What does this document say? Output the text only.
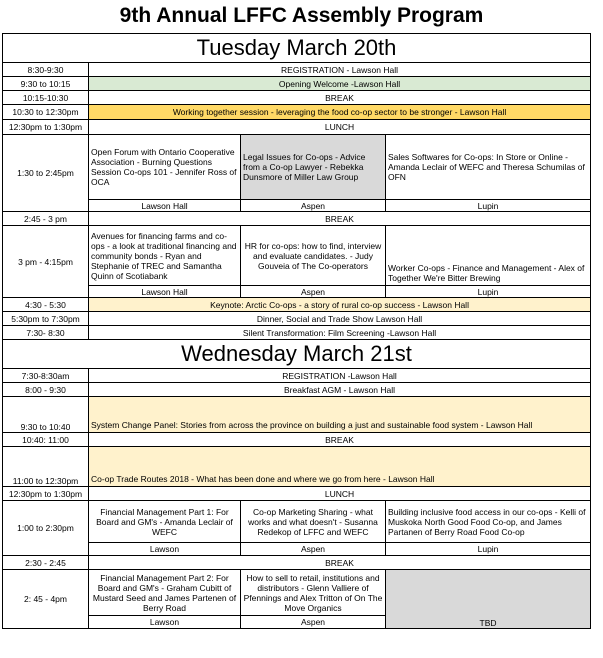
9th Annual LFFC Assembly Program
Tuesday March 20th			
8:30-9:30	REGISTRATION - Lawson Hall		
9:30 to 10:15	Opening Welcome -Lawson Hall		
10:15-10:30	BREAK		
10:30 to 12:30pm	Working together session - leveraging the food co-op sector to be stronger - Lawson Hall		
12:30pm to 1:30pm	LUNCH		
1:30 to 2:45pm	Open Forum with Ontario Cooperative Association - Burning Questions Session Co-ops 101 - Jennifer Ross of OCA	Legal Issues for Co-ops - Advice from a Co-op Lawyer - Rebekka Dunsmore of Miller Law Group	Sales Softwares for Co-ops: In Store or Online - Amanda Leclair of WEFC and Theresa Schumilas of OFN
	Lawson Hall	Aspen	Lupin
2:45 - 3 pm	BREAK		
3 pm - 4:15pm	Avenues for financing farms and co-ops - a look at traditional financing and community bonds - Ryan and Stephanie of TREC and Samantha Quinn of Scotiabank	HR for co-ops: how to find, interview and evaluate candidates. - Judy Gouveia of The Co-operators	Worker Co-ops - Finance and Management - Alex of Together We're Bitter Brewing
	Lawson Hall	Aspen	Lupin
4:30 - 5:30	Keynote: Arctic Co-ops - a story of rural co-op success - Lawson Hall		
5:30pm to 7:30pm	Dinner, Social and Trade Show Lawson Hall		
7:30- 8:30	Silent Transformation: Film Screening -Lawson Hall		
Wednesday March 21st			
7:30-8:30am	REGISTRATION -Lawson Hall		
8:00 - 9:30	Breakfast AGM - Lawson Hall		
9:30 to 10:40	System Change Panel: Stories from across the province on building a just and sustainable food system - Lawson Hall		
10:40: 11:00	BREAK		
11:00 to 12:30pm	Co-op Trade Routes 2018 - What has been done and where we go from here - Lawson Hall		
12:30pm to 1:30pm	LUNCH		
1:00 to 2:30pm	Financial Management Part 1: For Board and GM's - Amanda Leclair of WEFC	Co-op Marketing Sharing - what works and what doesn't - Susanna Redekop of LFFC and WEFC	Building inclusive food access in our co-ops - Kelli of Muskoka North Good Food Co-op, and James Partanen of Berry Road Food Co-op
	Lawson	Aspen	Lupin
2:30 - 2:45	BREAK		
2: 45 - 4pm	Financial Management Part 2: For Board and GM's - Graham Cubitt of Mustard Seed and James Partenen of Berry Road	How to sell to retail, institutions and distributors - Glenn Valliere of Pfennings and Alex Tritton of On The Move Organics	TBD
	Lawson	Aspen	
